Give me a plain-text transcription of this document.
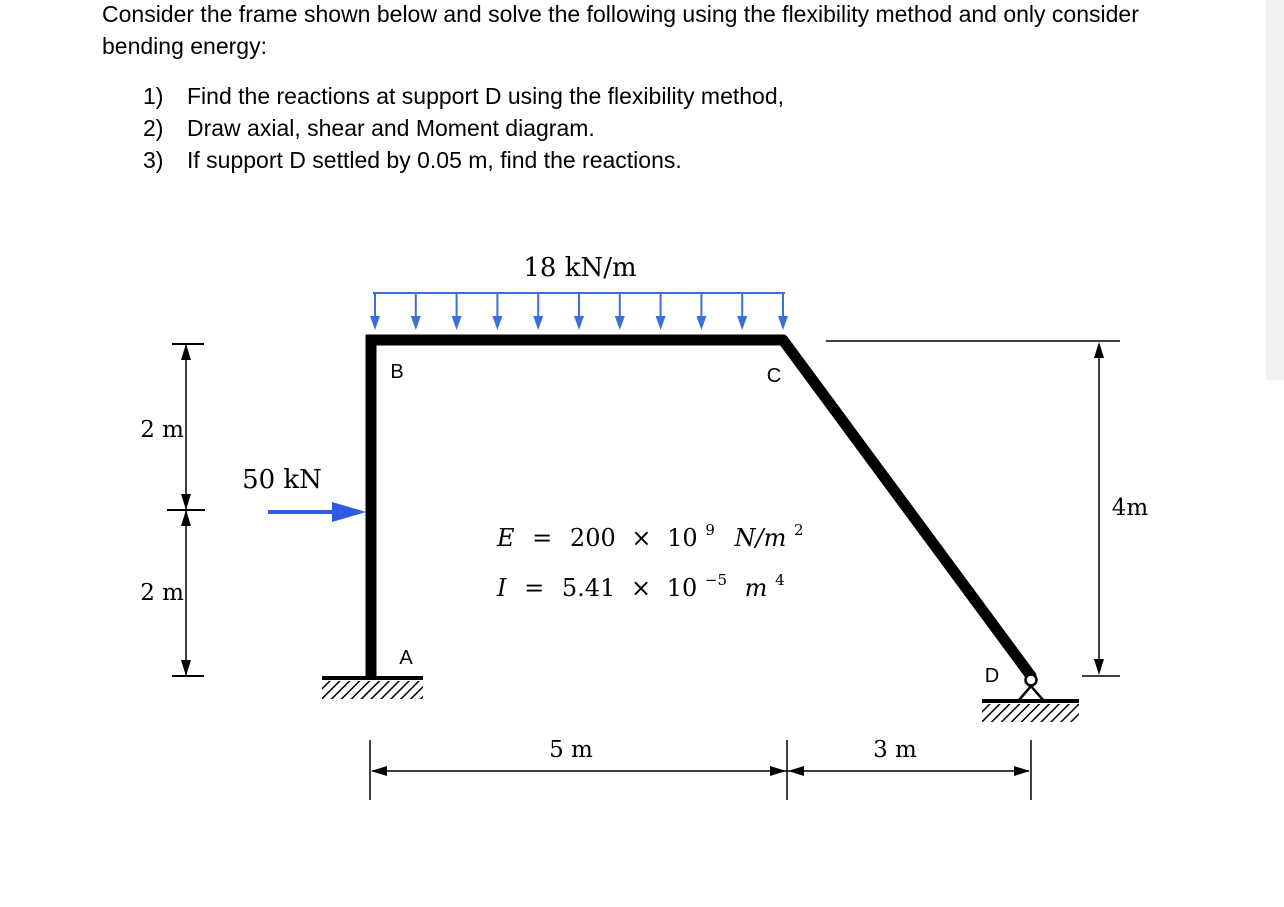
Consider the frame shown below and solve the following using the flexibility method and only consider bending energy:
1)	Find the reactions at support D using the flexibility method,
2)	Draw axial, shear and Moment diagram.
3)	If support D settled by 0.05 m, find the reactions.
18 kN/m
50 kN
B	C
A
D
2 m
2 m
4m
5 m	3 m
E = 200 × 10 $^9$ N/m $^2$
I = 5.41 × 10 $^{-5}$ m $^4$
